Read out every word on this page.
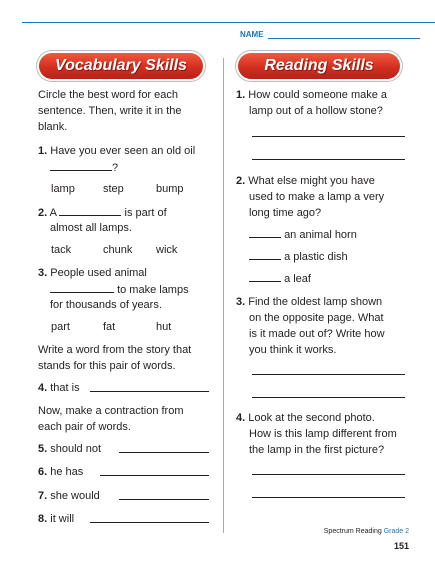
NAME
Vocabulary Skills	Reading Skills
Circle the best word for each
sentence. Then, write it in the
blank.
1. Have you ever seen an old oil
?
lamp	step	bump
2. A	is part of
almost all lamps.
tack	chunk wick
3. People used animal
to make lamps
for thousands of years.
part	fat	hut
Write a word from the story that
stands for this pair of words.
4. that is
Now, make a contraction from
each pair of words.
5. should not
6. he has
7. she would
8. it will
1. How could someone make a
lamp out of a hollow stone?
2. What else might you have
used to make a lamp a very
long time ago?
an animal horn
a plastic dish
a leaf
3. Find the oldest lamp shown
on the opposite page. What
is it made out of? Write how
you think it works.
4. Look at the second photo.
How is this lamp different from
the lamp in the first picture?
Spectrum Reading Grade 2
151
